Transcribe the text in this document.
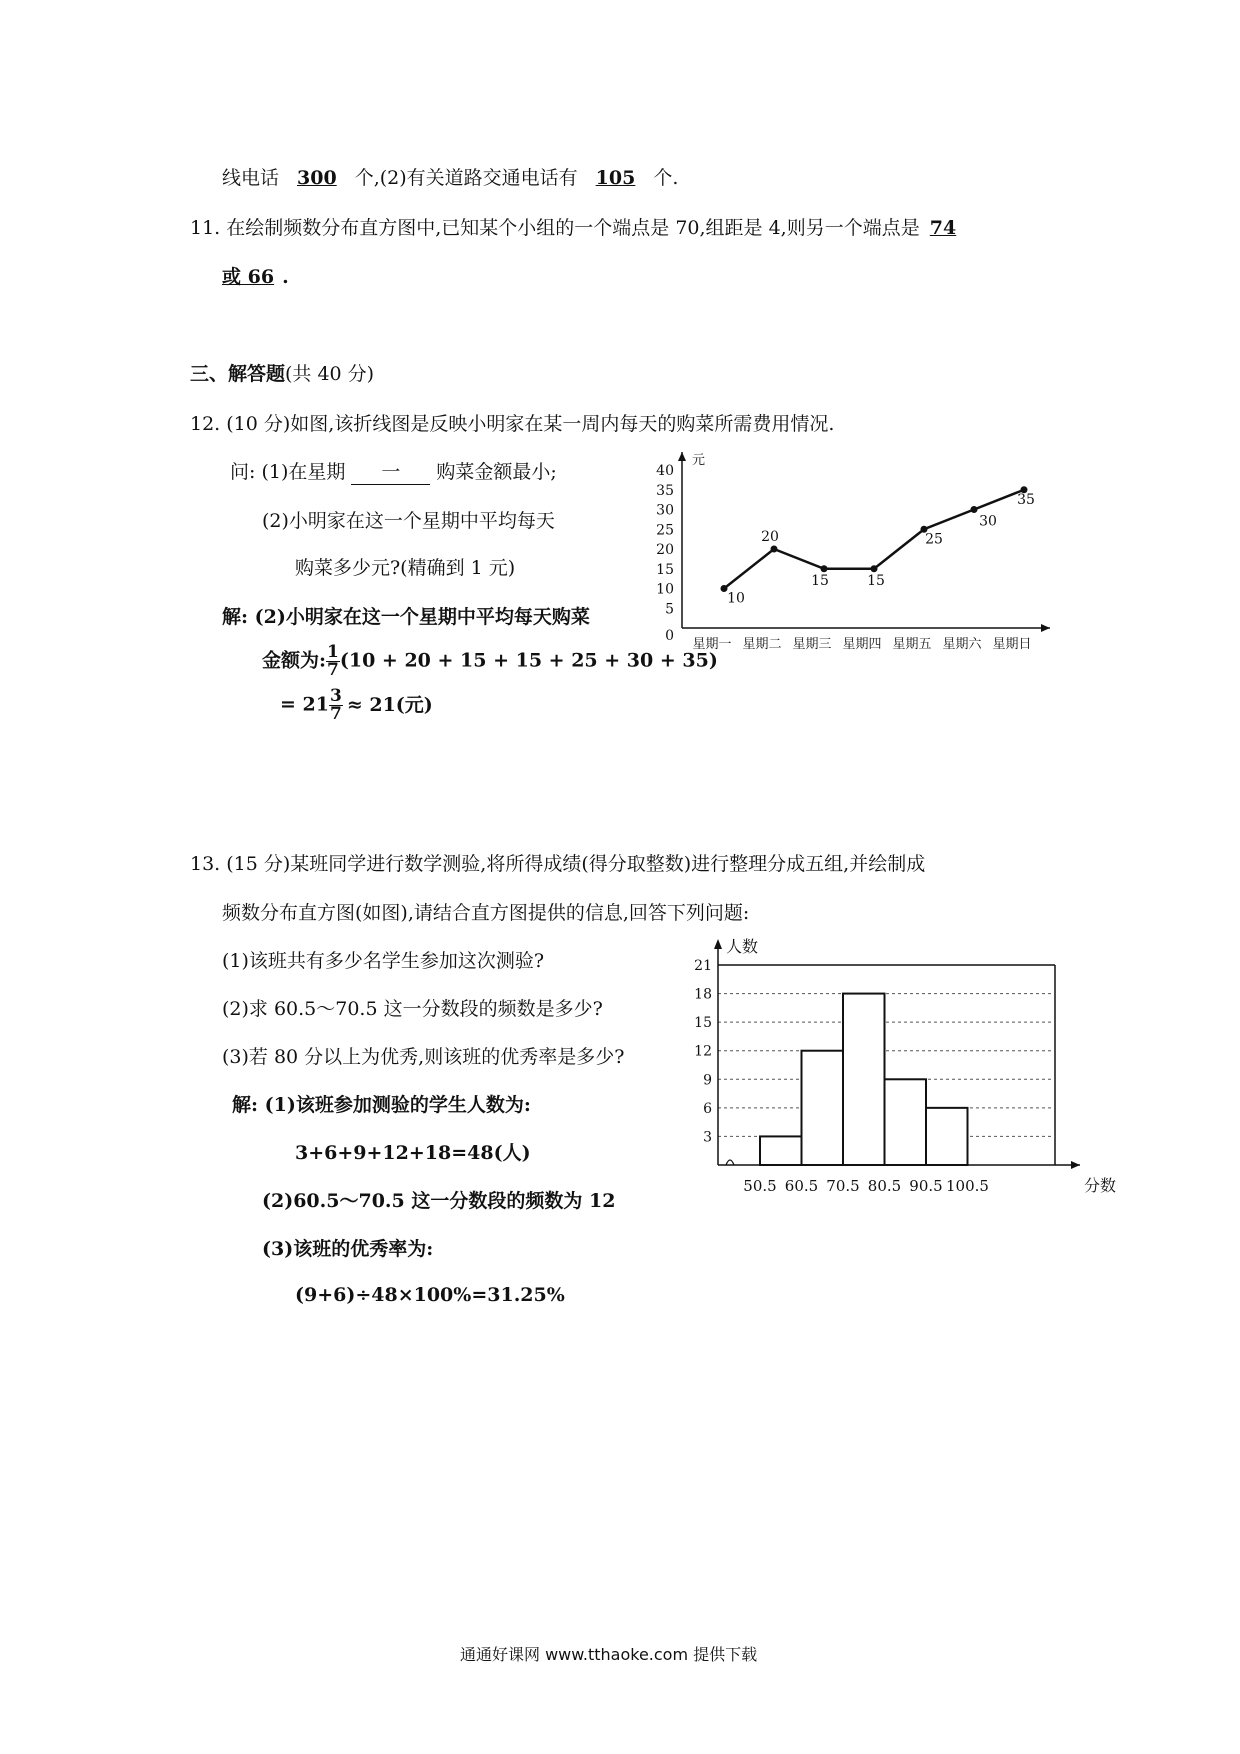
线电话 300 个,(2)有关道路交通电话有 105 个.
11. 在绘制频数分布直方图中,已知某个小组的一个端点是 70,组距是 4,则另一个端点是 74
或 66 .
三、解答题(共 40 分)
12. (10 分)如图,该折线图是反映小明家在某一周内每天的购菜所需费用情况.
问: (1)在星期 一 购菜金额最小;
(2)小明家在这一个星期中平均每天
购菜多少元?(精确到 1 元)
解: (2)小明家在这一个星期中平均每天购菜
金额为: $\frac{1}{7} (10 + 20 + 15 + 15 + 25 + 30 + 35)$
= $21 \frac{3}{7} \approx 21$(元)
元
0
5
10
15
20
25
30
35
40
星期一 星期二 星期三 星期四 星期五 星期六 星期日
10
20
15	15
25
30
35
13. (15 分)某班同学进行数学测验,将所得成绩(得分取整数)进行整理分成五组,并绘制成
频数分布直方图(如图),请结合直方图提供的信息,回答下列问题:
(1)该班共有多少名学生参加这次测验?
(2)求 60.5～70.5 这一分数段的频数是多少?
(3)若 80 分以上为优秀,则该班的优秀率是多少?
解: (1)该班参加测验的学生人数为:
3+6+9+12+18=48(人)
(2)60.5～70.5 这一分数段的频数为 12
(3)该班的优秀率为:
(9+6)÷48×100%=31.25%
3
6
9
12
15
18
21
人数
分数
50.5 60.5 70.5 80.5 90.5 100.5
通通好课网 www.tthaoke.com 提供下载
